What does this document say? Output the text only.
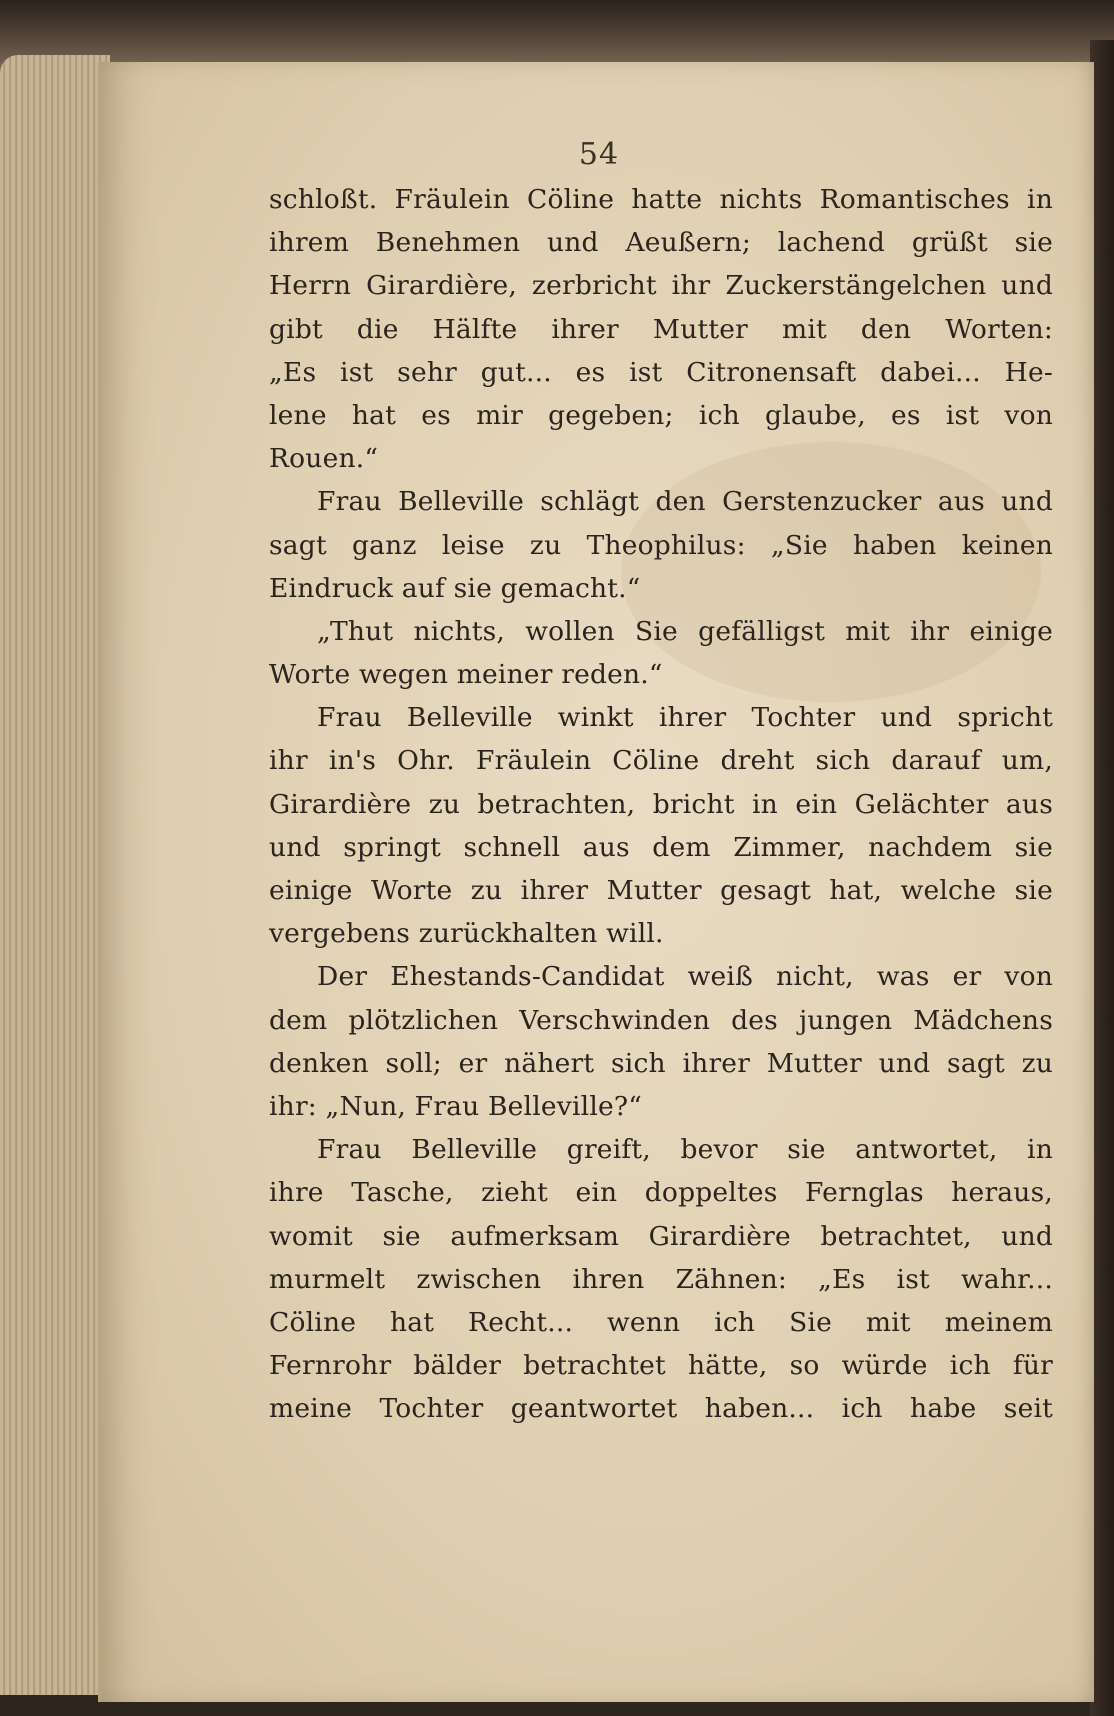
54
schloßt. Fräulein Cöline hatte nichts Romantisches in
ihrem Benehmen und Aeußern; lachend grüßt sie
Herrn Girardière, zerbricht ihr Zuckerstängelchen und
gibt die Hälfte ihrer Mutter mit den Worten:
„Es ist sehr gut... es ist Citronensaft dabei... He-
lene hat es mir gegeben; ich glaube, es ist von
Rouen.“
Frau Belleville schlägt den Gerstenzucker aus und
sagt ganz leise zu Theophilus: „Sie haben keinen
Eindruck auf sie gemacht.“
„Thut nichts, wollen Sie gefälligst mit ihr einige
Worte wegen meiner reden.“
Frau Belleville winkt ihrer Tochter und spricht
ihr in's Ohr. Fräulein Cöline dreht sich darauf um,
Girardière zu betrachten, bricht in ein Gelächter aus
und springt schnell aus dem Zimmer, nachdem sie
einige Worte zu ihrer Mutter gesagt hat, welche sie
vergebens zurückhalten will.
Der Ehestands-Candidat weiß nicht, was er von
dem plötzlichen Verschwinden des jungen Mädchens
denken soll; er nähert sich ihrer Mutter und sagt zu
ihr: „Nun, Frau Belleville?“
Frau Belleville greift, bevor sie antwortet, in
ihre Tasche, zieht ein doppeltes Fernglas heraus,
womit sie aufmerksam Girardière betrachtet, und
murmelt zwischen ihren Zähnen: „Es ist wahr...
Cöline hat Recht... wenn ich Sie mit meinem
Fernrohr bälder betrachtet hätte, so würde ich für
meine Tochter geantwortet haben... ich habe seit
